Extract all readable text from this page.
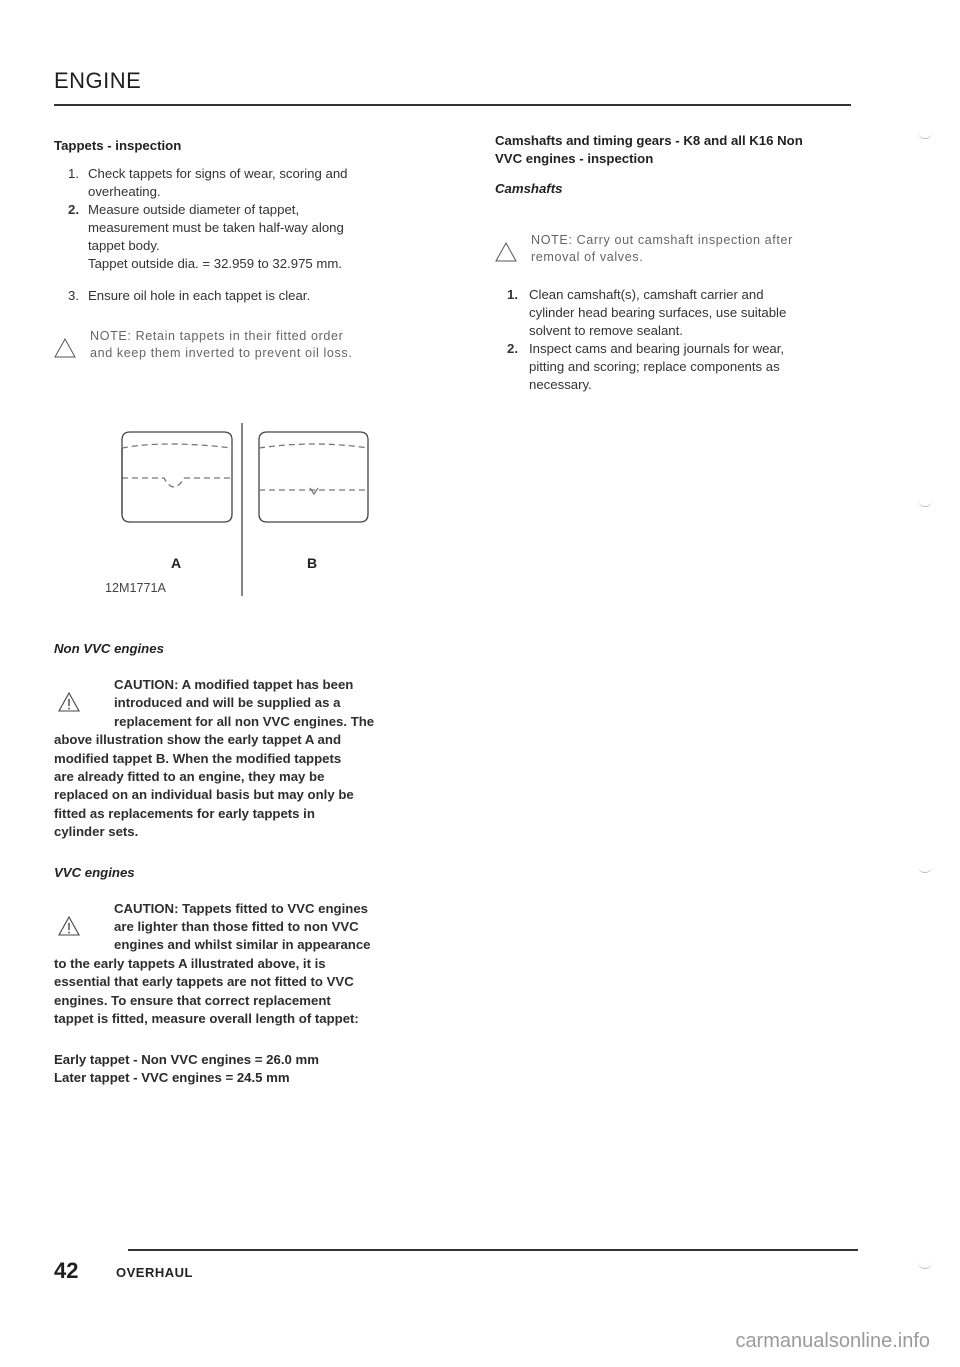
ENGINE
Tappets - inspection
1. Check tappets for signs of wear, scoring and
overheating.
2. Measure outside diameter of tappet,
measurement must be taken half-way along
tappet body.
Tappet outside dia. = 32.959 to 32.975 mm.
3. Ensure oil hole in each tappet is clear.
NOTE: Retain tappets in their fitted order
and keep them inverted to prevent oil loss.
A	B
12M1771A
Non VVC engines
CAUTION: A modified tappet has been
introduced and will be supplied as a
replacement for all non VVC engines. The
above illustration show the early tappet A and
modified tappet B. When the modified tappets
are already fitted to an engine, they may be
replaced on an individual basis but may only be
fitted as replacements for early tappets in
cylinder sets.
VVC engines
CAUTION: Tappets fitted to VVC engines
are lighter than those fitted to non VVC
engines and whilst similar in appearance
to the early tappets A illustrated above, it is
essential that early tappets are not fitted to VVC
engines. To ensure that correct replacement
tappet is fitted, measure overall length of tappet:
Early tappet - Non VVC engines = 26.0 mm
Later tappet - VVC engines = 24.5 mm
Camshafts and timing gears - K8 and all K16 Non
VVC engines - inspection
Camshafts
NOTE: Carry out camshaft inspection after
removal of valves.
1. Clean camshaft(s), camshaft carrier and
cylinder head bearing surfaces, use suitable
solvent to remove sealant.
2. Inspect cams and bearing journals for wear,
pitting and scoring; replace components as
necessary.
42	OVERHAUL
carmanualsonline.info
